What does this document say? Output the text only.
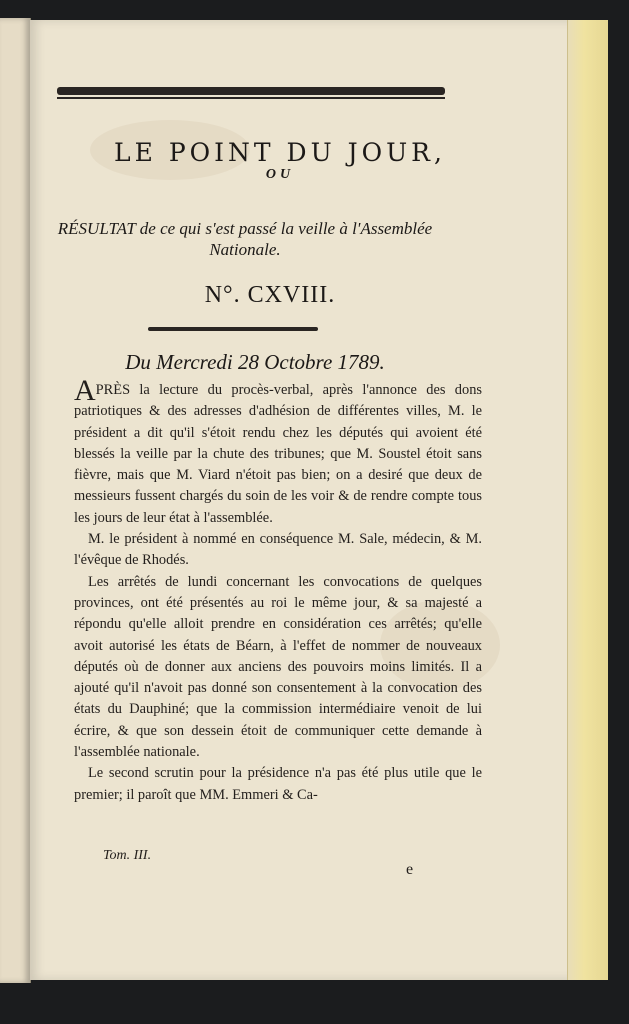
LE POINT DU JOUR,
OU
RÉSULTAT de ce qui s'est passé la veille à l'Assemblée Nationale.
N°. CXVIII.
Du Mercredi 28 Octobre 1789.

APRÈS la lecture du procès-verbal, après l'annonce des dons patriotiques & des adresses d'adhésion de différentes villes, M. le président a dit qu'il s'étoit rendu chez les députés qui avoient été blessés la veille par la chute des tribunes; que M. Soustel étoit sans fièvre, mais que M. Viard n'étoit pas bien; on a desiré que deux de messieurs fussent chargés du soin de les voir & de rendre compte tous les jours de leur état à l'assemblée.

M. le président à nommé en conséquence M. Sale, médecin, & M. l'évêque de Rhodés.

Les arrêtés de lundi concernant les convocations de quelques provinces, ont été présentés au roi le même jour, & sa majesté a répondu qu'elle alloit prendre en considération ces arrêtés; qu'elle avoit autorisé les états de Béarn, à l'effet de nommer de nouveaux députés où de donner aux anciens des pouvoirs moins limités. Il a ajouté qu'il n'avoit pas donné son consentement à la convocation des états du Dauphiné; que la commission intermédiaire venoit de lui écrire, & que son dessein étoit de communiquer cette demande à l'assemblée nationale.

Le second scrutin pour la présidence n'a pas été plus utile que le premier; il paroît que MM. Emmeri & Ca-

Tom. III.
e
